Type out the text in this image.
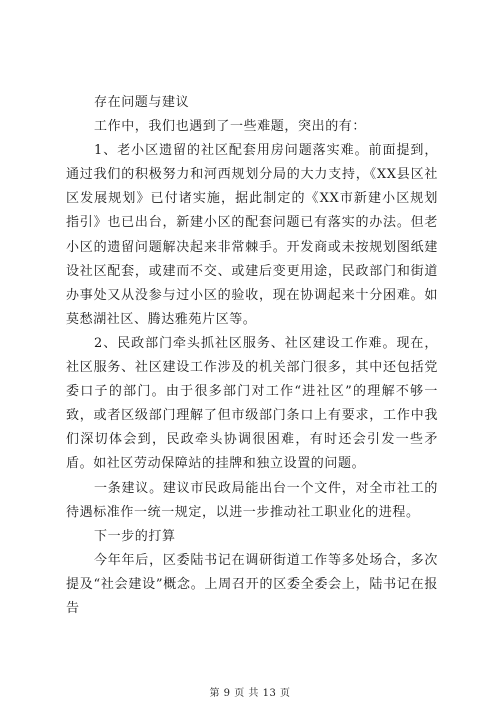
存在问题与建议

工作中，我们也遇到了一些难题，突出的有：

1、老小区遗留的社区配套用房问题落实难。前面提到，通过我们的积极努力和河西规划分局的大力支持，《XX县区社区发展规划》已付诸实施，据此制定的《XX市新建小区规划指引》也已出台，新建小区的配套问题已有落实的办法。但老小区的遗留问题解决起来非常棘手。开发商或未按规划图纸建设社区配套，或建而不交、或建后变更用途，民政部门和街道办事处又从没参与过小区的验收，现在协调起来十分困难。如莫愁湖社区、腾达雅苑片区等。

2、民政部门牵头抓社区服务、社区建设工作难。现在，社区服务、社区建设工作涉及的机关部门很多，其中还包括党委口子的部门。由于很多部门对工作“进社区”的理解不够一致，或者区级部门理解了但市级部门条口上有要求，工作中我们深切体会到，民政牵头协调很困难，有时还会引发一些矛盾。如社区劳动保障站的挂牌和独立设置的问题。

一条建议。建议市民政局能出台一个文件，对全市社工的待遇标准作一统一规定，以进一步推动社工职业化的进程。

下一步的打算

今年年后，区委陆书记在调研街道工作等多处场合，多次提及“社会建设”概念。上周召开的区委全委会上，陆书记在报告

第 9 页 共 13 页
